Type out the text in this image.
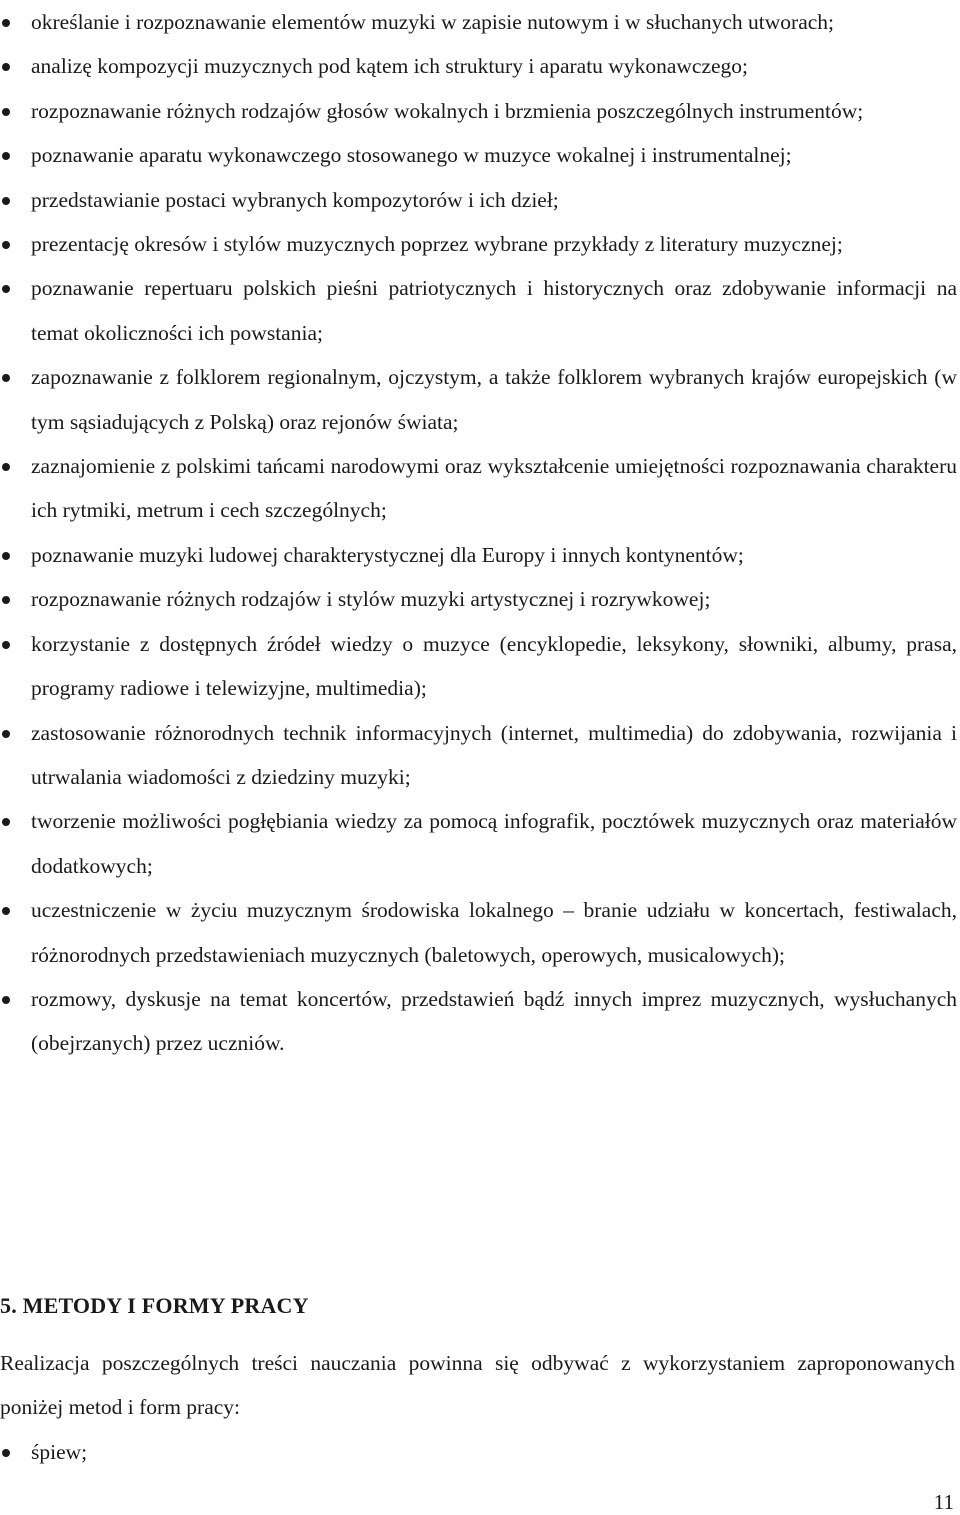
określanie i rozpoznawanie elementów muzyki w zapisie nutowym i w słuchanych utworach;
analizę kompozycji muzycznych pod kątem ich struktury i aparatu wykonawczego;
rozpoznawanie różnych rodzajów głosów wokalnych i brzmienia poszczególnych instrumentów;
poznawanie aparatu wykonawczego stosowanego w muzyce wokalnej i instrumentalnej;
przedstawianie postaci wybranych kompozytorów i ich dzieł;
prezentację okresów i stylów muzycznych poprzez wybrane przykłady z literatury muzycznej;
poznawanie repertuaru polskich pieśni patriotycznych i historycznych oraz zdobywanie informacji na temat okoliczności ich powstania;
zapoznawanie z folklorem regionalnym, ojczystym, a także folklorem wybranych krajów europejskich (w tym sąsiadujących z Polską) oraz rejonów świata;
zaznajomienie z polskimi tańcami narodowymi oraz wykształcenie umiejętności rozpoznawania charakteru ich rytmiki, metrum i cech szczególnych;
poznawanie muzyki ludowej charakterystycznej dla Europy i innych kontynentów;
rozpoznawanie różnych rodzajów i stylów muzyki artystycznej i rozrywkowej;
korzystanie z dostępnych źródeł wiedzy o muzyce (encyklopedie, leksykony, słowniki, albumy, prasa, programy radiowe i telewizyjne, multimedia);
zastosowanie różnorodnych technik informacyjnych (internet, multimedia) do zdobywania, rozwijania i utrwalania wiadomości z dziedziny muzyki;
tworzenie możliwości pogłębiania wiedzy za pomocą infografik, pocztówek muzycznych oraz materiałów dodatkowych;
uczestniczenie w życiu muzycznym środowiska lokalnego – branie udziału w koncertach, festiwalach, różnorodnych przedstawieniach muzycznych (baletowych, operowych, musicalowych);
rozmowy, dyskusje na temat koncertów, przedstawień bądź innych imprez muzycznych, wysłuchanych (obejrzanych) przez uczniów.
5. METODY I FORMY PRACY

Realizacja poszczególnych treści nauczania powinna się odbywać z wykorzystaniem zaproponowanych poniżej metod i form pracy:

śpiew;
11
